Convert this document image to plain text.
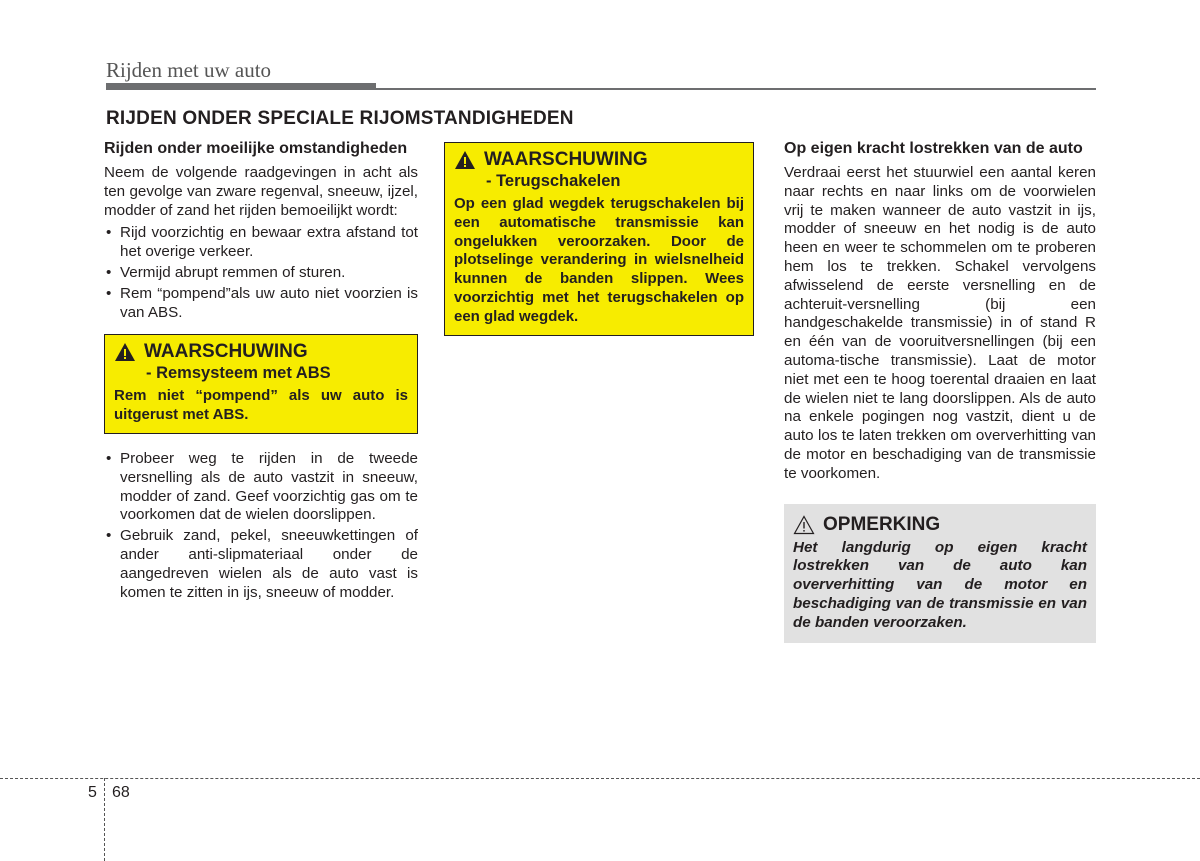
Rijden met uw auto
RIJDEN ONDER SPECIALE RIJOMSTANDIGHEDEN
Rijden onder moeilijke omstandigheden

Neem de volgende raadgevingen in acht als ten gevolge van zware regenval, sneeuw, ijzel, modder of zand het rijden bemoeilijkt wordt:

• Rijd voorzichtig en bewaar extra afstand tot het overige verkeer.
• Vermijd abrupt remmen of sturen.
• Rem “pompend”als uw auto niet voorzien is van ABS.
WAARSCHUWING
- Remsysteem met ABS

Rem niet “pompend” als uw auto is uitgerust met ABS.

• Probeer weg te rijden in de tweede versnelling als de auto vastzit in sneeuw, modder of zand. Geef voorzichtig gas om te voorkomen dat de wielen doorslippen.
• Gebruik zand, pekel, sneeuwkettingen of ander anti-slipmateriaal onder de aangedreven wielen als de auto vast is komen te zitten in ijs, sneeuw of modder.
WAARSCHUWING
- Terugschakelen

Op een glad wegdek terugschakelen bij een automatische transmissie kan ongelukken veroorzaken. Door de plotselinge verandering in wielsnelheid kunnen de banden slippen. Wees voorzichtig met het terugschakelen op een glad wegdek.

Op eigen kracht lostrekken van de auto

Verdraai eerst het stuurwiel een aantal keren naar rechts en naar links om de voorwielen vrij te maken wanneer de auto vastzit in ijs, modder of sneeuw en het nodig is de auto heen en weer te schommelen om te proberen hem los te trekken. Schakel vervolgens afwisselend de eerste versnelling en de achteruit-versnelling (bij een handgeschakelde transmissie) in of stand R en één van de vooruitversnellingen (bij een automa-tische transmissie). Laat de motor niet met een te hoog toerental draaien en laat de wielen niet te lang doorslippen. Als de auto na enkele pogingen nog vastzit, dient u de auto los te laten trekken om oververhitting van de motor en beschadiging van de transmissie te voorkomen.

OPMERKING

Het langdurig op eigen kracht lostrekken van de auto kan oververhitting van de motor en beschadiging van de transmissie en van de banden veroorzaken.

5 68
